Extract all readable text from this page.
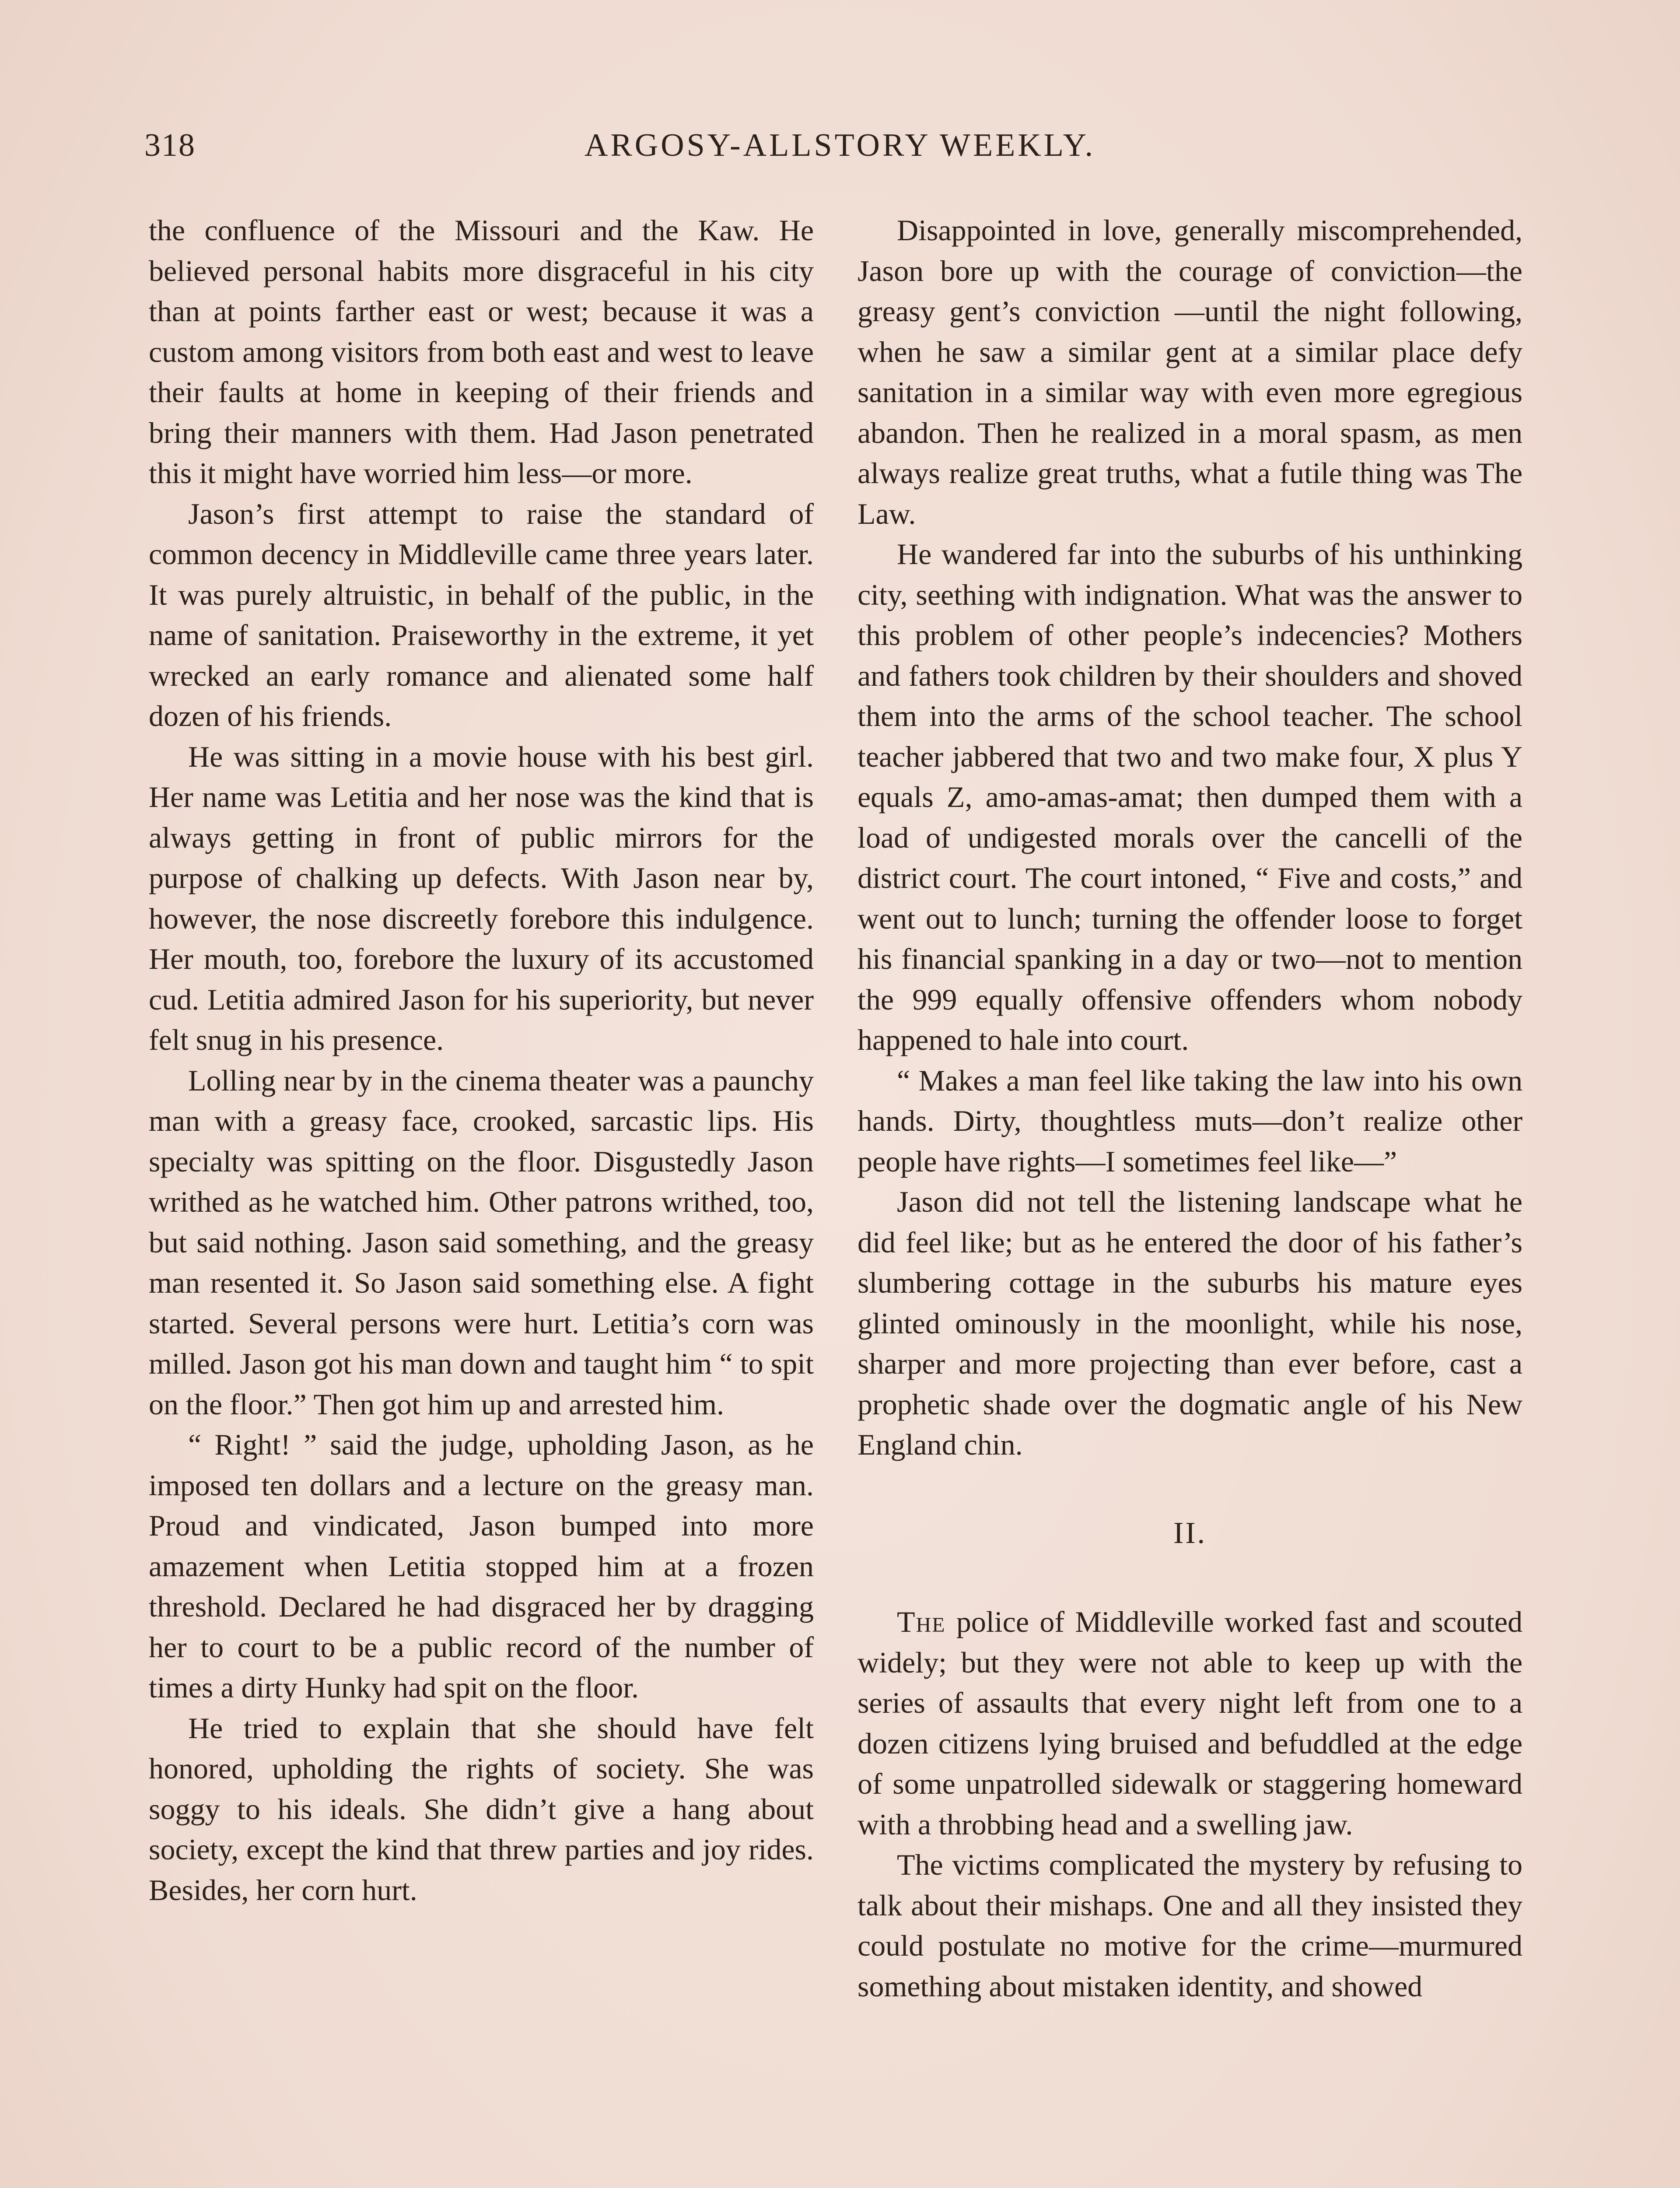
318	ARGOSY-ALLSTORY WEEKLY.

the confluence of the Missouri and the Kaw. He believed personal habits more disgraceful in his city than at points farther east or west; because it was a custom among visitors from both east and west to leave their faults at home in keeping of their friends and bring their manners with them. Had Jason penetrated this it might have worried him less—or more.

Jason’s first attempt to raise the standard of common decency in Middleville came three years later. It was purely altruistic, in behalf of the public, in the name of sanitation. Praiseworthy in the extreme, it yet wrecked an early romance and alienated some half dozen of his friends.

He was sitting in a movie house with his best girl. Her name was Letitia and her nose was the kind that is always getting in front of public mirrors for the purpose of chalking up defects. With Jason near by, however, the nose discreetly forebore this indulgence. Her mouth, too, forebore the luxury of its accustomed cud. Letitia admired Jason for his superiority, but never felt snug in his presence.

Lolling near by in the cinema theater was a paunchy man with a greasy face, crooked, sarcastic lips. His specialty was spitting on the floor. Disgustedly Jason writhed as he watched him. Other patrons writhed, too, but said nothing. Jason said something, and the greasy man resented it. So Jason said something else. A fight started. Several persons were hurt. Letitia’s corn was milled. Jason got his man down and taught him “ to spit on the floor.” Then got him up and arrested him.

“ Right! ” said the judge, upholding Jason, as he imposed ten dollars and a lecture on the greasy man. Proud and vindicated, Jason bumped into more amazement when Letitia stopped him at a frozen threshold. Declared he had disgraced her by dragging her to court to be a public record of the number of times a dirty Hunky had spit on the floor.

He tried to explain that she should have felt honored, upholding the rights of society. She was soggy to his ideals. She didn’t give a hang about society, except the kind that threw parties and joy rides. Besides, her corn hurt.

Disappointed in love, generally miscomprehended, Jason bore up with the courage of conviction—the greasy gent’s conviction —until the night following, when he saw a similar gent at a similar place defy sanitation in a similar way with even more egregious abandon. Then he realized in a moral spasm, as men always realize great truths, what a futile thing was The Law.

He wandered far into the suburbs of his unthinking city, seething with indignation. What was the answer to this problem of other people’s indecencies? Mothers and fathers took children by their shoulders and shoved them into the arms of the school teacher. The school teacher jabbered that two and two make four, X plus Y equals Z, amo-amas-amat; then dumped them with a load of undigested morals over the cancelli of the district court. The court intoned, “ Five and costs,” and went out to lunch; turning the offender loose to forget his financial spanking in a day or two—not to mention the 999 equally offensive offenders whom nobody happened to hale into court.

“ Makes a man feel like taking the law into his own hands. Dirty, thoughtless muts—don’t realize other people have rights—I sometimes feel like—”

Jason did not tell the listening landscape what he did feel like; but as he entered the door of his father’s slumbering cottage in the suburbs his mature eyes glinted ominously in the moonlight, while his nose, sharper and more projecting than ever before, cast a prophetic shade over the dogmatic angle of his New England chin.

II.

The police of Middleville worked fast and scouted widely; but they were not able to keep up with the series of assaults that every night left from one to a dozen citizens lying bruised and befuddled at the edge of some unpatrolled sidewalk or staggering homeward with a throbbing head and a swelling jaw.

The victims complicated the mystery by refusing to talk about their mishaps. One and all they insisted they could postulate no motive for the crime—murmured something about mistaken identity, and showed
